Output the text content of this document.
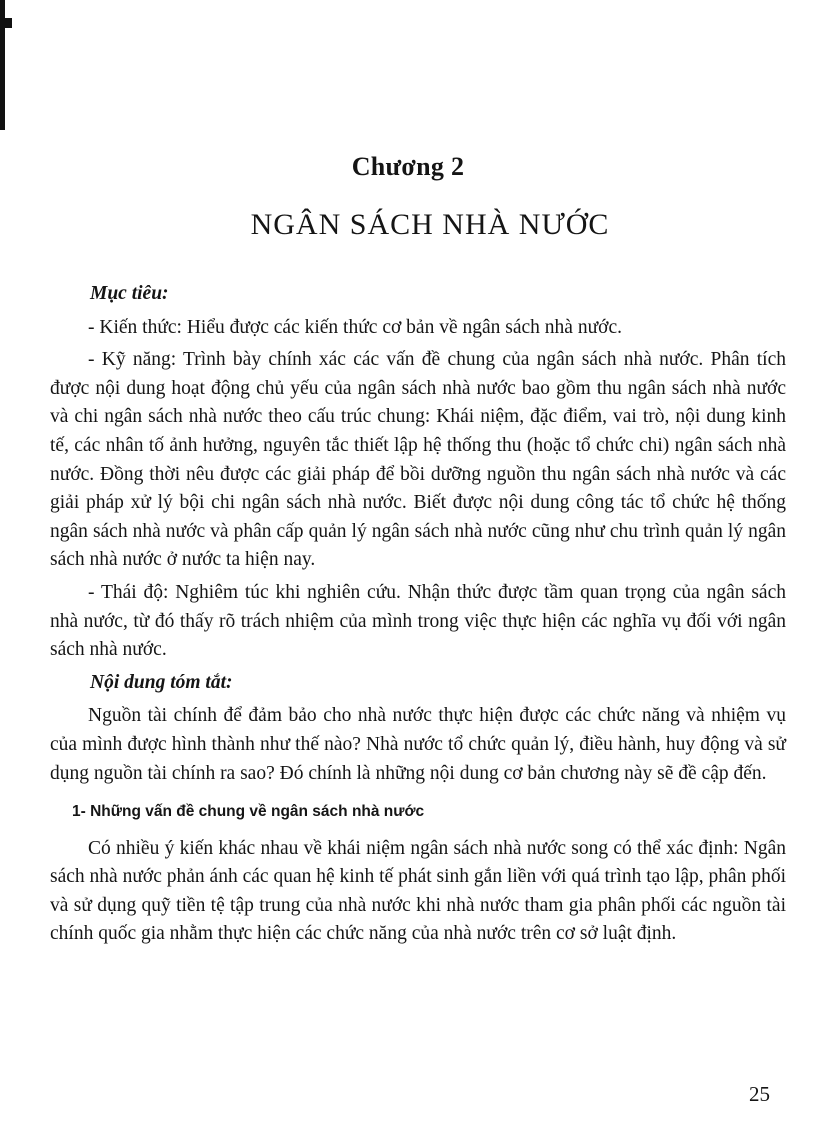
Chương 2
NGÂN SÁCH NHÀ NƯỚC
Mục tiêu:

- Kiến thức: Hiểu được các kiến thức cơ bản về ngân sách nhà nước.

- Kỹ năng: Trình bày chính xác các vấn đề chung của ngân sách nhà nước. Phân tích được nội dung hoạt động chủ yếu của ngân sách nhà nước bao gồm thu ngân sách nhà nước và chi ngân sách nhà nước theo cấu trúc chung: Khái niệm, đặc điểm, vai trò, nội dung kinh tế, các nhân tố ảnh hưởng, nguyên tắc thiết lập hệ thống thu (hoặc tổ chức chi) ngân sách nhà nước. Đồng thời nêu được các giải pháp để bồi dưỡng nguồn thu ngân sách nhà nước và các giải pháp xử lý bội chi ngân sách nhà nước. Biết được nội dung công tác tổ chức hệ thống ngân sách nhà nước và phân cấp quản lý ngân sách nhà nước cũng như chu trình quản lý ngân sách nhà nước ở nước ta hiện nay.

- Thái độ: Nghiêm túc khi nghiên cứu. Nhận thức được tầm quan trọng của ngân sách nhà nước, từ đó thấy rõ trách nhiệm của mình trong việc thực hiện các nghĩa vụ đối với ngân sách nhà nước.

Nội dung tóm tắt:

Nguồn tài chính để đảm bảo cho nhà nước thực hiện được các chức năng và nhiệm vụ của mình được hình thành như thế nào? Nhà nước tổ chức quản lý, điều hành, huy động và sử dụng nguồn tài chính ra sao? Đó chính là những nội dung cơ bản chương này sẽ đề cập đến.

1- Những vấn đề chung về ngân sách nhà nước

Có nhiều ý kiến khác nhau về khái niệm ngân sách nhà nước song có thể xác định: Ngân sách nhà nước phản ánh các quan hệ kinh tế phát sinh gắn liền với quá trình tạo lập, phân phối và sử dụng quỹ tiền tệ tập trung của nhà nước khi nhà nước tham gia phân phối các nguồn tài chính quốc gia nhằm thực hiện các chức năng của nhà nước trên cơ sở luật định.

25
